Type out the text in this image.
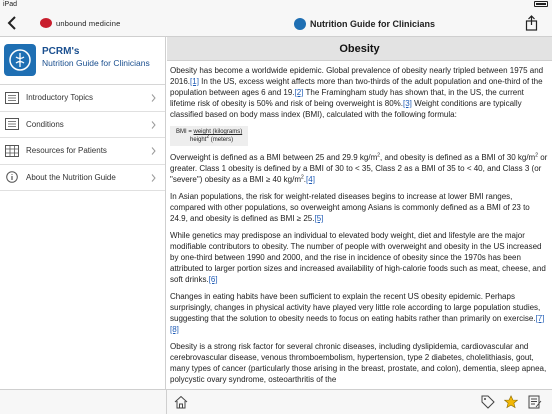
iPad
unbound medicine	Nutrition Guide for Clinicians
PCRM's
Nutrition Guide for Clinicians
Introductory Topics
Conditions
Resources for Patients
About the Nutrition Guide
Obesity

Obesity has become a worldwide epidemic. Global prevalence of obesity nearly tripled between 1975 and 2016.[1] In the US, excess weight affects more than two-thirds of the adult population and one-third of the population between ages 6 and 19.[2] The Framingham study has shown that, in the US, the current lifetime risk of obesity is 50% and risk of being overweight is 80%.[3] Weight conditions are typically classified based on body mass index (BMI), calculated with the following formula:

BMI = weight (kilograms)
height$^2$ (meters)

Overweight is defined as a BMI between 25 and 29.9 $kg/m^2$, and obesity is defined as a BMI of 30 $kg/m^2$ or greater. Class 1 obesity is defined by a BMI of 30 to < 35, Class 2 as a BMI of 35 to < 40, and Class 3 (or "severe") obesity as a BMI ≥ 40 $kg/m^2.[4]$

In Asian populations, the risk for weight-related diseases begins to increase at lower BMI ranges, compared with other populations, so overweight among Asians is commonly defined as a BMI of 23 to 24.9, and obesity is defined as BMI ≥ 25.[5]

While genetics may predispose an individual to elevated body weight, diet and lifestyle are the major modifiable contributors to obesity. The number of people with overweight and obesity in the US increased by one-third between 1990 and 2000, and the rise in incidence of obesity since the 1970s has been attributed to larger portion sizes and increased availability of high-calorie foods such as meat, cheese, and soft drinks.[6]

Changes in eating habits have been sufficient to explain the recent US obesity epidemic. Perhaps surprisingly, changes in physical activity have played very little role according to large population studies, suggesting that the solution to obesity needs to focus on eating habits rather than primarily on exercise.[7][8]

Obesity is a strong risk factor for several chronic diseases, including dyslipidemia, cardiovascular and cerebrovascular disease, venous thromboembolism, hypertension, type 2 diabetes, cholelithiasis, gout, many types of cancer (particularly those arising in the breast, prostate, and colon), dementia, sleep apnea, polycystic ovary syndrome, osteoarthritis of the
